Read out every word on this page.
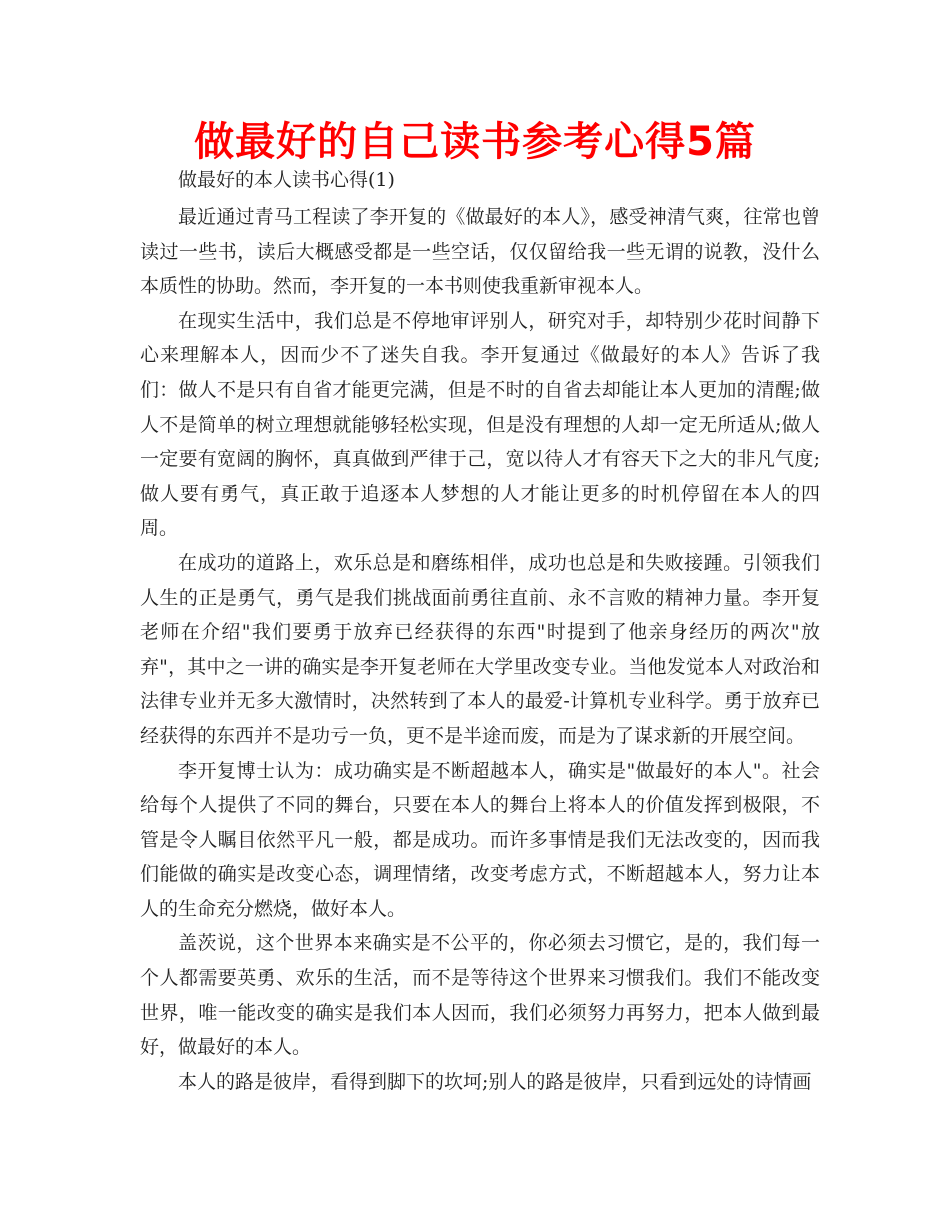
做最好的自己读书参考心得5篇
做最好的本人读书心得(1)

最近通过青马工程读了李开复的《做最好的本人》，感受神清气爽，往常也曾读过一些书，读后大概感受都是一些空话，仅仅留给我一些无谓的说教，没什么本质性的协助。然而，李开复的一本书则使我重新审视本人。

在现实生活中，我们总是不停地审评别人，研究对手，却特别少花时间静下心来理解本人，因而少不了迷失自我。李开复通过《做最好的本人》告诉了我们：做人不是只有自省才能更完满，但是不时的自省去却能让本人更加的清醒;做人不是简单的树立理想就能够轻松实现，但是没有理想的人却一定无所适从;做人一定要有宽阔的胸怀，真真做到严律于己，宽以待人才有容天下之大的非凡气度;做人要有勇气，真正敢于追逐本人梦想的人才能让更多的时机停留在本人的四周。

在成功的道路上，欢乐总是和磨练相伴，成功也总是和失败接踵。引领我们人生的正是勇气，勇气是我们挑战面前勇往直前、永不言败的精神力量。李开复老师在介绍"我们要勇于放弃已经获得的东西"时提到了他亲身经历的两次"放弃"，其中之一讲的确实是李开复老师在大学里改变专业。当他发觉本人对政治和法律专业并无多大激情时，决然转到了本人的最爱-计算机专业科学。勇于放弃已经获得的东西并不是功亏一负，更不是半途而废，而是为了谋求新的开展空间。

李开复博士认为：成功确实是不断超越本人，确实是"做最好的本人"。社会给每个人提供了不同的舞台，只要在本人的舞台上将本人的价值发挥到极限，不管是令人瞩目依然平凡一般，都是成功。而许多事情是我们无法改变的，因而我们能做的确实是改变心态，调理情绪，改变考虑方式，不断超越本人，努力让本人的生命充分燃烧，做好本人。

盖茨说，这个世界本来确实是不公平的，你必须去习惯它，是的，我们每一个人都需要英勇、欢乐的生活，而不是等待这个世界来习惯我们。我们不能改变世界，唯一能改变的确实是我们本人因而，我们必须努力再努力，把本人做到最好，做最好的本人。

本人的路是彼岸，看得到脚下的坎坷;别人的路是彼岸，只看到远处的诗情画
